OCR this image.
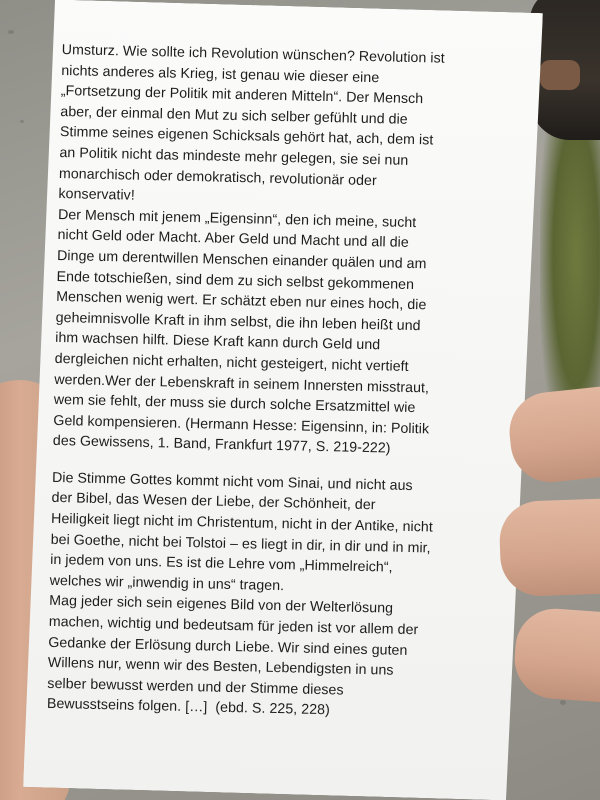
Umsturz. Wie sollte ich Revolution wünschen? Revolution ist
nichts anderes als Krieg, ist genau wie dieser eine
„Fortsetzung der Politik mit anderen Mitteln“. Der Mensch
aber, der einmal den Mut zu sich selber gefühlt und die
Stimme seines eigenen Schicksals gehört hat, ach, dem ist
an Politik nicht das mindeste mehr gelegen, sie sei nun
monarchisch oder demokratisch, revolutionär oder
konservativ!

Der Mensch mit jenem „Eigensinn“, den ich meine, sucht
nicht Geld oder Macht. Aber Geld und Macht und all die
Dinge um derentwillen Menschen einander quälen und am
Ende totschießen, sind dem zu sich selbst gekommenen
Menschen wenig wert. Er schätzt eben nur eines hoch, die
geheimnisvolle Kraft in ihm selbst, die ihn leben heißt und
ihm wachsen hilft. Diese Kraft kann durch Geld und
dergleichen nicht erhalten, nicht gesteigert, nicht vertieft
werden.Wer der Lebenskraft in seinem Innersten misstraut,
wem sie fehlt, der muss sie durch solche Ersatzmittel wie
Geld kompensieren. (Hermann Hesse: Eigensinn, in: Politik
des Gewissens, 1. Band, Frankfurt 1977, S. 219-222)

Die Stimme Gottes kommt nicht vom Sinai, und nicht aus
der Bibel, das Wesen der Liebe, der Schönheit, der
Heiligkeit liegt nicht im Christentum, nicht in der Antike, nicht
bei Goethe, nicht bei Tolstoi – es liegt in dir, in dir und in mir,
in jedem von uns. Es ist die Lehre vom „Himmelreich“,
welches wir „inwendig in uns“ tragen.

Mag jeder sich sein eigenes Bild von der Welterlösung
machen, wichtig und bedeutsam für jeden ist vor allem der
Gedanke der Erlösung durch Liebe. Wir sind eines guten
Willens nur, wenn wir des Besten, Lebendigsten in uns
selber bewusst werden und der Stimme dieses
Bewusstseins folgen. […]  (ebd. S. 225, 228)
